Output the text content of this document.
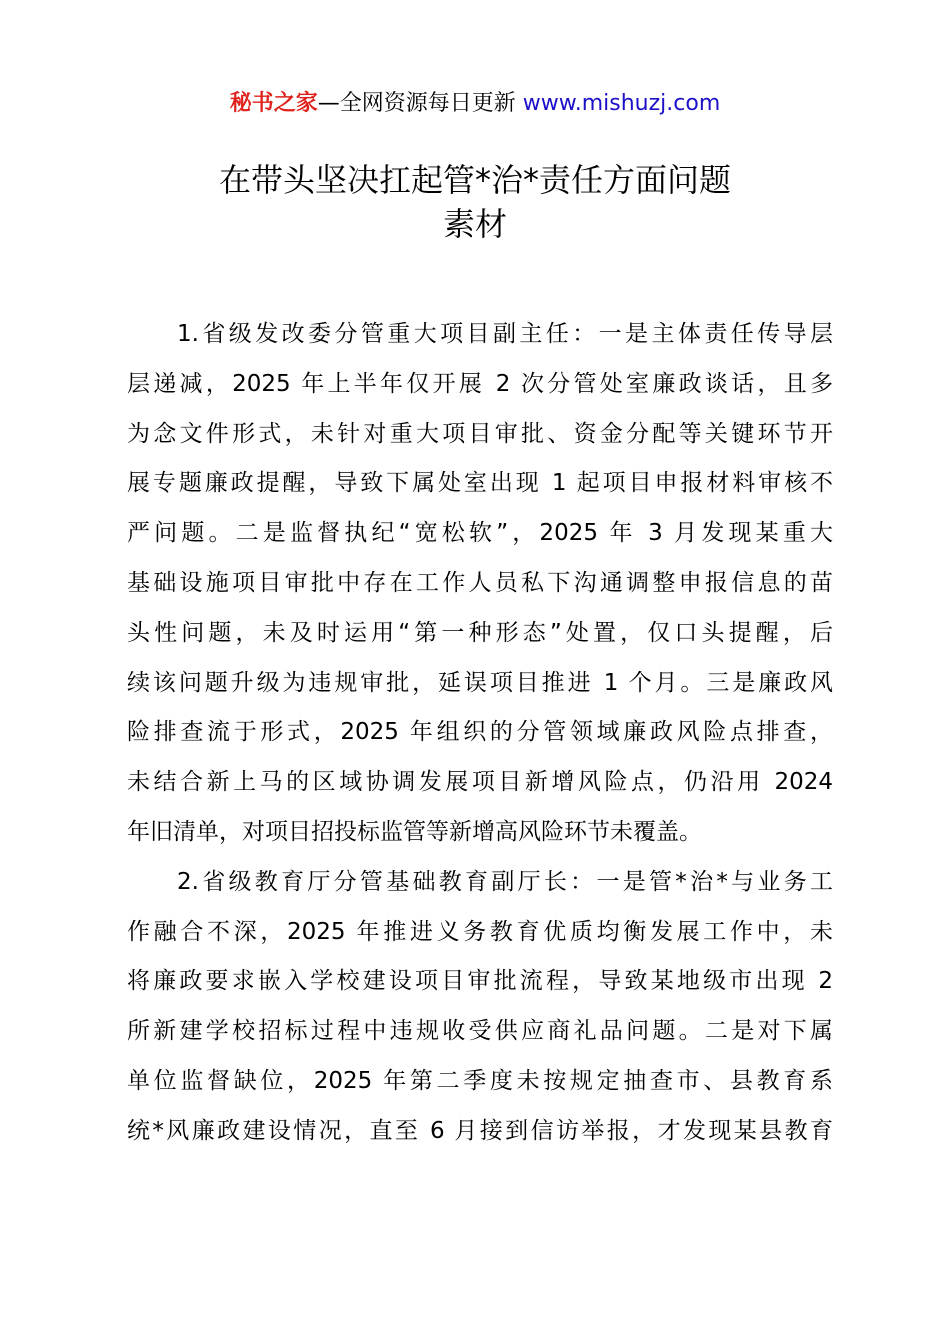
秘书之家—全网资源每日更新 www.mishuzj.com
在带头坚决扛起管*治*责任方面问题
素材

1.省级发改委分管重大项目副主任：一是主体责任传导层
层递减，2025 年上半年仅开展 2 次分管处室廉政谈话，且多
为念文件形式，未针对重大项目审批、资金分配等关键环节开
展专题廉政提醒，导致下属处室出现 1 起项目申报材料审核不
严问题。二是监督执纪“宽松软”，2025 年 3 月发现某重大
基础设施项目审批中存在工作人员私下沟通调整申报信息的苗
头性问题，未及时运用“第一种形态”处置，仅口头提醒，后
续该问题升级为违规审批，延误项目推进 1 个月。三是廉政风
险排查流于形式，2025 年组织的分管领域廉政风险点排查，
未结合新上马的区域协调发展项目新增风险点，仍沿用 2024
年旧清单，对项目招投标监管等新增高风险环节未覆盖。

2.省级教育厅分管基础教育副厅长：一是管*治*与业务工
作融合不深，2025 年推进义务教育优质均衡发展工作中，未
将廉政要求嵌入学校建设项目审批流程，导致某地级市出现 2
所新建学校招标过程中违规收受供应商礼品问题。二是对下属
单位监督缺位，2025 年第二季度未按规定抽查市、县教育系
统*风廉政建设情况，直至 6 月接到信访举报，才发现某县教育
